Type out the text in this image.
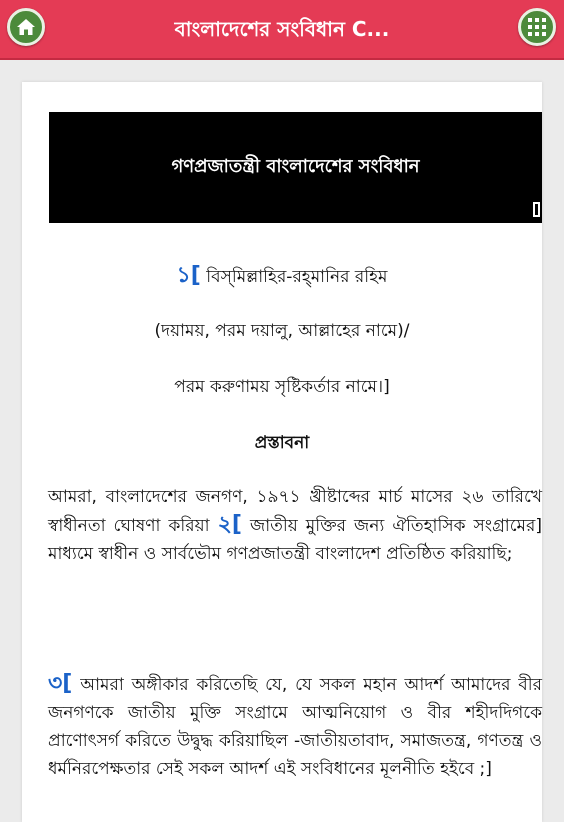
বাংলাদেশের সংবিধান C...
গণপ্রজাতন্ত্রী বাংলাদেশের সংবিধান
১[ বিস্‌মিল্লাহির-রহ্‌মানির রহিম
(দয়াময়, পরম দয়ালু, আল্লাহের নামে)/
পরম করুণাময় সৃষ্টিকর্তার নামে।]
প্রস্তাবনা

আমরা, বাংলাদেশের জনগণ, ১৯৭১ খ্রীষ্টাব্দের মার্চ মাসের ২৬ তারিখে স্বাধীনতা ঘোষণা করিয়া ২[ জাতীয় মুক্তির জন্য ঐতিহাসিক সংগ্রামের] মাধ্যমে স্বাধীন ও সার্বভৌম গণপ্রজাতন্ত্রী বাংলাদেশ প্রতিষ্ঠিত করিয়াছি;

৩[ আমরা অঙ্গীকার করিতেছি যে, যে সকল মহান আদর্শ আমাদের বীর জনগণকে জাতীয় মুক্তি সংগ্রামে আত্মনিয়োগ ও বীর শহীদদিগকে প্রাণোৎসর্গ করিতে উদ্বুদ্ধ করিয়াছিল -জাতীয়তাবাদ, সমাজতন্ত্র, গণতন্ত্র ও ধর্মনিরপেক্ষতার সেই সকল আদর্শ এই সংবিধানের মূলনীতি হইবে ;]
